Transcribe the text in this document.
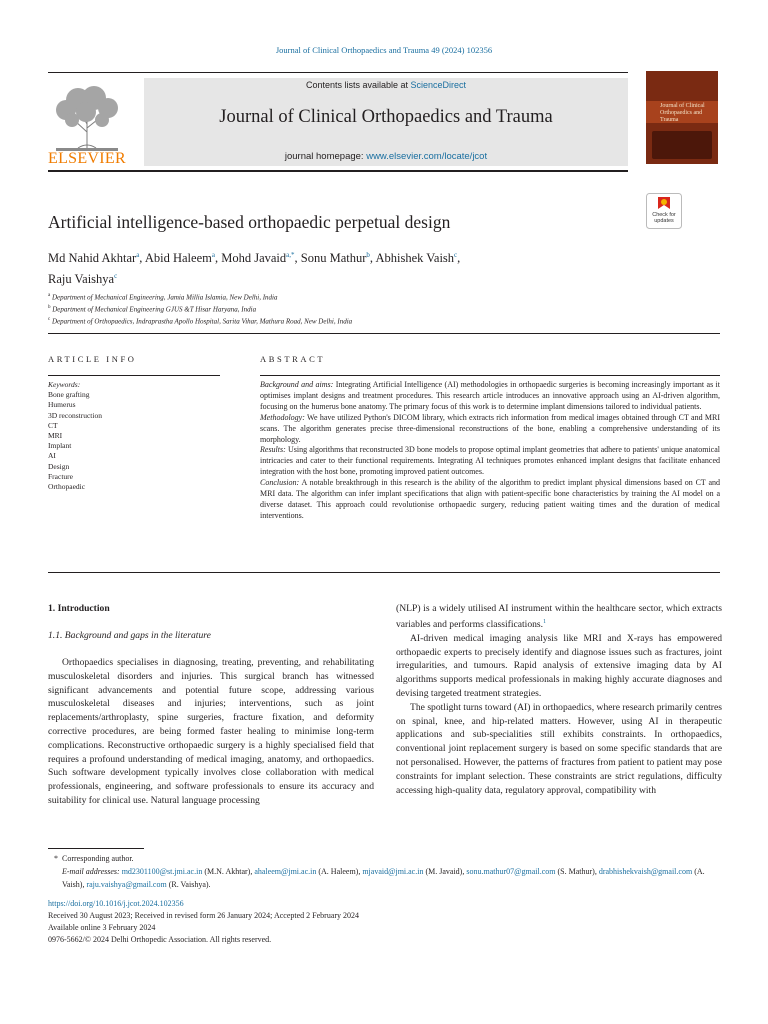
Journal of Clinical Orthopaedics and Trauma 49 (2024) 102356
ELSEVIER
Contents lists available at ScienceDirect
Journal of Clinical Orthopaedics and Trauma
journal homepage: www.elsevier.com/locate/jcot
Journal of Clinical Orthopaedics and Trauma
Check for
updates
Artificial intelligence-based orthopaedic perpetual design
Md Nahid Akhtar$^a$, Abid Haleem$^a$, Mohd Javaid$^{a,*}$, Sonu Mathur$^b$, Abhishek Vaish$^c$,
Raju Vaishya$^c$
$^a$ Department of Mechanical Engineering, Jamia Millia Islamia, New Delhi, India
$^b$ Department of Mechanical Engineering GJUS &T Hisar Haryana, India
$^c$ Department of Orthopaedics, Indraprastha Apollo Hospital, Sarita Vihar, Mathura Road, New Delhi, India
ARTICLE INFO	ABSTRACT
Keywords:
Bone grafting
Humerus
3D reconstruction
CT
MRI
Implant
AI
Design
Fracture
Orthopaedic

Background and aims: Integrating Artificial Intelligence (AI) methodologies in orthopaedic surgeries is becoming increasingly important as it optimises implant designs and treatment procedures. This research article introduces an innovative approach using an AI-driven algorithm, focusing on the humerus bone anatomy. The primary focus of this work is to determine implant dimensions tailored to individual patients.

Methodology: We have utilized Python's DICOM library, which extracts rich information from medical images obtained through CT and MRI scans. The algorithm generates precise three-dimensional reconstructions of the bone, enabling a comprehensive understanding of its morphology.

Results: Using algorithms that reconstructed 3D bone models to propose optimal implant geometries that adhere to patients' unique anatomical intricacies and cater to their functional requirements. Integrating AI techniques promotes enhanced implant designs that facilitate enhanced integration with the host bone, promoting improved patient outcomes.

Conclusion: A notable breakthrough in this research is the ability of the algorithm to predict implant physical dimensions based on CT and MRI data. The algorithm can infer implant specifications that align with patient-specific bone characteristics by training the AI model on a diverse dataset. This approach could revolutionise orthopaedic surgery, reducing patient waiting times and the duration of medical interventions.

1. Introduction
1.1. Background and gaps in the literature

Orthopaedics specialises in diagnosing, treating, preventing, and rehabilitating musculoskeletal disorders and injuries. This surgical branch has witnessed significant advancements and potential future scope, addressing various musculoskeletal diseases and injuries; interventions, such as joint replacements/arthroplasty, spine surgeries, fracture fixation, and deformity corrective procedures, are being formed faster healing to minimise long-term complications. Reconstructive orthopaedic surgery is a highly specialised field that requires a profound understanding of medical imaging, anatomy, and orthopaedics. Such software development typically involves close collaboration with medical professionals, engineering, and software professionals to ensure its accuracy and suitability for clinical use. Natural language processing

(NLP) is a widely utilised AI instrument within the healthcare sector, which extracts variables and performs classifications.$^1$

AI-driven medical imaging analysis like MRI and X-rays has empowered orthopaedic experts to precisely identify and diagnose issues such as fractures, joint irregularities, and tumours. Rapid analysis of extensive imaging data by AI algorithms supports medical professionals in making highly accurate diagnoses and devising targeted treatment strategies.

The spotlight turns toward (AI) in orthopaedics, where research primarily centres on spinal, knee, and hip-related matters. However, using AI in therapeutic applications and sub-specialities still exhibits constraints. In orthopaedics, conventional joint replacement surgery is based on some specific standards that are not personalised. However, the patterns of fractures from patient to patient may pose constraints for implant selection. These constraints are strict regulations, difficulty accessing high-quality data, regulatory approval, compatibility with

* Corresponding author.

E-mail addresses: md2301100@st.jmi.ac.in (M.N. Akhtar), ahaleem@jmi.ac.in (A. Haleem), mjavaid@jmi.ac.in (M. Javaid), sonu.mathur07@gmail.com (S. Mathur), drabhishekvaish@gmail.com (A. Vaish), raju.vaishya@gmail.com (R. Vaishya).

https://doi.org/10.1016/j.jcot.2024.102356

Received 30 August 2023; Received in revised form 26 January 2024; Accepted 2 February 2024

Available online 3 February 2024

0976-5662/© 2024 Delhi Orthopedic Association. All rights reserved.
